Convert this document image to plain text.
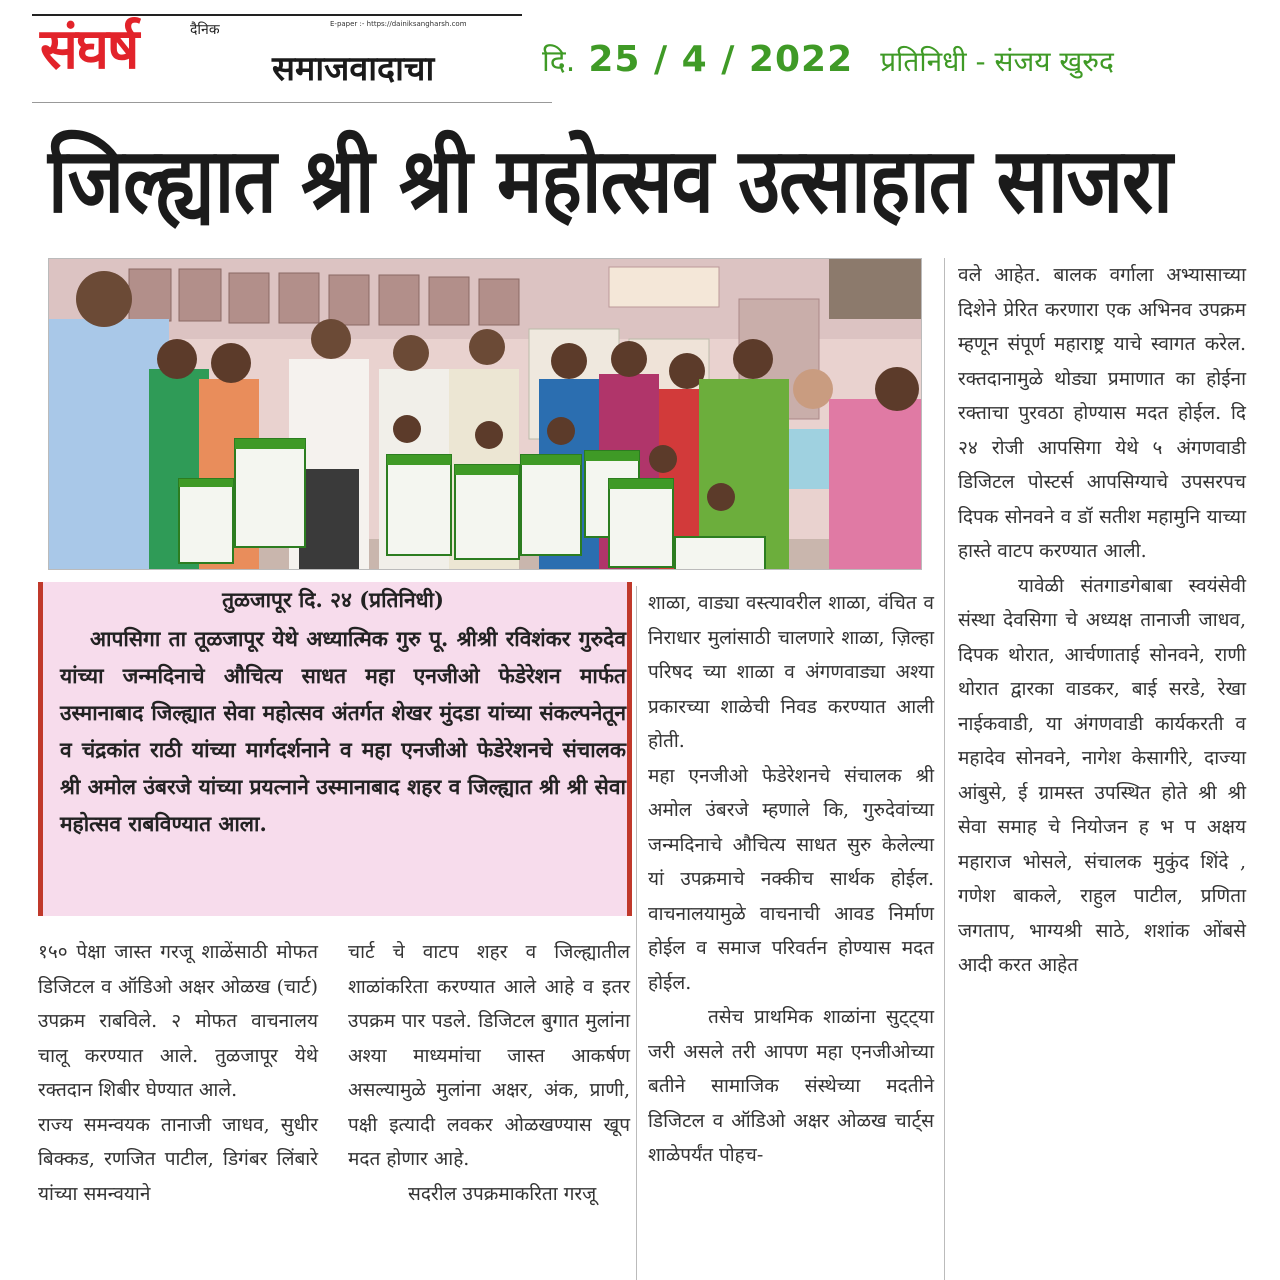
E-paper :- https://dainiksangharsh.com
दैनिक
संघर्ष	समाजवादाचा	दि. 25 / 4 / 2022 प्रतिनिधी - संजय खुरुद
जिल्ह्यात श्री श्री महोत्सव उत्साहात साजरा
तुळजापूर दि. २४ (प्रतिनिधी)
आपसिगा ता तूळजापूर येथे अध्यात्मिक गुरु पू. श्रीश्री रविशंकर गुरुदेव यांच्या जन्मदिनाचे औचित्य साधत महा एनजीओ फेडेरेशन मार्फत उस्मानाबाद जिल्ह्यात सेवा महोत्सव अंतर्गत शेखर मुंदडा यांच्या संकल्पनेतून व चंद्रकांत राठी यांच्या मार्गदर्शनाने व महा एनजीओ फेडेरेशनचे संचालक श्री अमोल उंबरजे यांच्या प्रयत्नाने उस्मानाबाद शहर व जिल्ह्यात श्री श्री सेवा महोत्सव राबविण्यात आला.

१५० पेक्षा जास्त गरजू शाळेंसाठी मोफत डिजिटल व ऑडिओ अक्षर ओळख (चार्ट) उपक्रम राबविले. २ मोफत वाचनालय चालू करण्यात आले. तुळजापूर येथे रक्तदान शिबीर घेण्यात आले.

राज्य समन्वयक तानाजी जाधव, सुधीर बिक्कड, रणजित पाटील, डिगंबर लिंबारे यांच्या समन्वयाने

चार्ट चे वाटप शहर व जिल्ह्यातील शाळांकरिता करण्यात आले आहे व इतर उपक्रम पार पडले. डिजिटल बुगात मुलांना अश्या माध्यमांचा जास्त आकर्षण असल्यामुळे मुलांना अक्षर, अंक, प्राणी, पक्षी इत्यादी लवकर ओळखण्यास खूप मदत होणार आहे.

सदरील उपक्रमाकरिता गरजू

शाळा, वाड्या वस्त्यावरील शाळा, वंचित व निराधार मुलांसाठी चालणारे शाळा, ज़िल्हा परिषद च्या शाळा व अंगणवाड्या अश्या प्रकारच्या शाळेची निवड करण्यात आली होती.

महा एनजीओ फेडेरेशनचे संचालक श्री अमोल उंबरजे म्हणाले कि, गुरुदेवांच्या जन्मदिनाचे औचित्य साधत सुरु केलेल्या यां उपक्रमाचे नक्कीच सार्थक होईल. वाचनालयामुळे वाचनाची आवड निर्माण होईल व समाज परिवर्तन होण्यास मदत होईल.

तसेच प्राथमिक शाळांना सुट्ट्या जरी असले तरी आपण महा एनजीओच्या बतीने सामाजिक संस्थेच्या मदतीने डिजिटल व ऑडिओ अक्षर ओळख चार्ट्स शाळेपर्यंत पोहच-

वले आहेत. बालक वर्गाला अभ्यासाच्या दिशेने प्रेरित करणारा एक अभिनव उपक्रम म्हणून संपूर्ण महाराष्ट्र याचे स्वागत करेल. रक्तदानामुळे थोड्या प्रमाणात का होईना रक्ताचा पुरवठा होण्यास मदत होईल. दि २४ रोजी आपसिगा येथे ५ अंगणवाडी डिजिटल पोस्टर्स आपसिग्याचे उपसरपच दिपक सोनवने व डॉ सतीश महामुनि याच्या हास्ते वाटप करण्यात आली.

यावेळी संतगाडगेबाबा स्वयंसेवी संस्था देवसिगा चे अध्यक्ष तानाजी जाधव, दिपक थोरात, आर्चणाताई सोनवने, राणी थोरात द्वारका वाडकर, बाई सरडे, रेखा नाईकवाडी, या अंगणवाडी कार्यकरती व महादेव सोनवने, नागेश केसागीरे, दाज्या आंबुसे, ई ग्रामस्त उपस्थित होते श्री श्री सेवा समाह चे नियोजन ह भ प अक्षय महाराज भोसले, संचालक मुकुंद शिंदे , गणेश बाकले, राहुल पाटील, प्रणिता जगताप, भाग्यश्री साठे, शशांक ओंबसे आदी करत आहेत
